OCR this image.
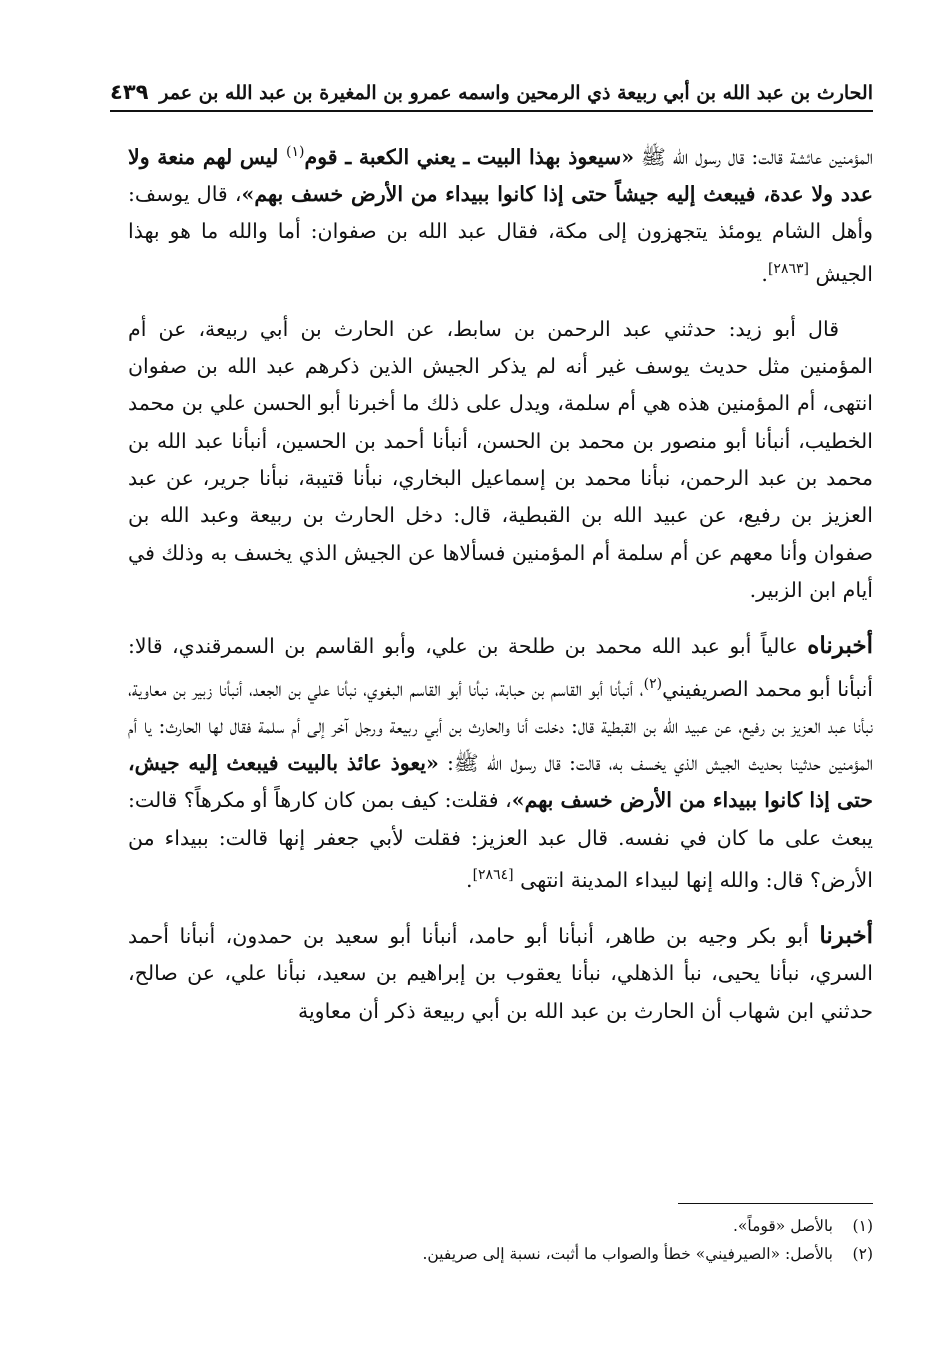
الحارث بن عبد الله بن أبي ربيعة ذي الرمحين واسمه عمرو بن المغيرة بن عبد الله بن عمر
٤٣٩

المؤمنين عائشة قالت: قال رسول الله ﷺ «سيعوذ بهذا البيت ـ يعني الكعبة ـ قوم$^{(١)}$ ليس لهم منعة ولا عدد ولا عدة، فيبعث إليه جيشاً حتى إذا كانوا ببيداء من الأرض خسف بهم»، قال يوسف: وأهل الشام يومئذ يتجهزون إلى مكة، فقال عبد الله بن صفوان: أما والله ما هو بهذا الجيش [٢٨٦٣].

قال أبو زيد: حدثني عبد الرحمن بن سابط، عن الحارث بن أبي ربيعة، عن أم المؤمنين مثل حديث يوسف غير أنه لم يذكر الجيش الذين ذكرهم عبد الله بن صفوان انتهى، أم المؤمنين هذه هي أم سلمة، ويدل على ذلك ما أخبرنا أبو الحسن علي بن محمد الخطيب، أنبأنا أبو منصور بن محمد بن الحسن، أنبأنا أحمد بن الحسين، أنبأنا عبد الله بن محمد بن عبد الرحمن، نبأنا محمد بن إسماعيل البخاري، نبأنا قتيبة، نبأنا جرير، عن عبد العزيز بن رفيع، عن عبيد الله بن القبطية، قال: دخل الحارث بن ربيعة وعبد الله بن صفوان وأنا معهم عن أم سلمة أم المؤمنين فسألاها عن الجيش الذي يخسف به وذلك في أيام ابن الزبير.

أخبرناه عالياً أبو عبد الله محمد بن طلحة بن علي، وأبو القاسم بن السمرقندي، قالا: أنبأنا أبو محمد الصريفيني$^{(٢)}$، أنبأنا أبو القاسم بن حبابة، نبأنا أبو القاسم البغوي، نبأنا علي بن الجعد، أنبأنا زبير بن معاوية، نبأنا عبد العزيز بن رفيع، عن عبيد الله بن القبطية قال: دخلت أنا والحارث بن أبي ربيعة ورجل آخر إلى أم سلمة فقال لها الحارث: يا أم المؤمنين حدثينا بحديث الجيش الذي يخسف به، قالت: قال رسول الله ﷺ: «يعوذ عائذ بالبيت فيبعث إليه جيش، حتى إذا كانوا ببيداء من الأرض خسف بهم»، فقلت: كيف بمن كان كارهاً أو مكرهاً؟ قالت: يبعث على ما كان في نفسه. قال عبد العزيز: فقلت لأبي جعفر إنها قالت: ببيداء من الأرض؟ قال: والله إنها لبيداء المدينة انتهى [٢٨٦٤].

أخبرنا أبو بكر وجيه بن طاهر، أنبأنا أبو حامد، أنبأنا أبو سعيد بن حمدون، أنبأنا أحمد السري، نبأنا يحيى، نبأ الذهلي، نبأنا يعقوب بن إبراهيم بن سعيد، نبأنا علي، عن صالح، حدثني ابن شهاب أن الحارث بن عبد الله بن أبي ربيعة ذكر أن معاوية

(١)بالأصل «قوماً».

(٢)بالأصل: «الصيرفيني» خطأ والصواب ما أثبت، نسبة إلى صريفين.
